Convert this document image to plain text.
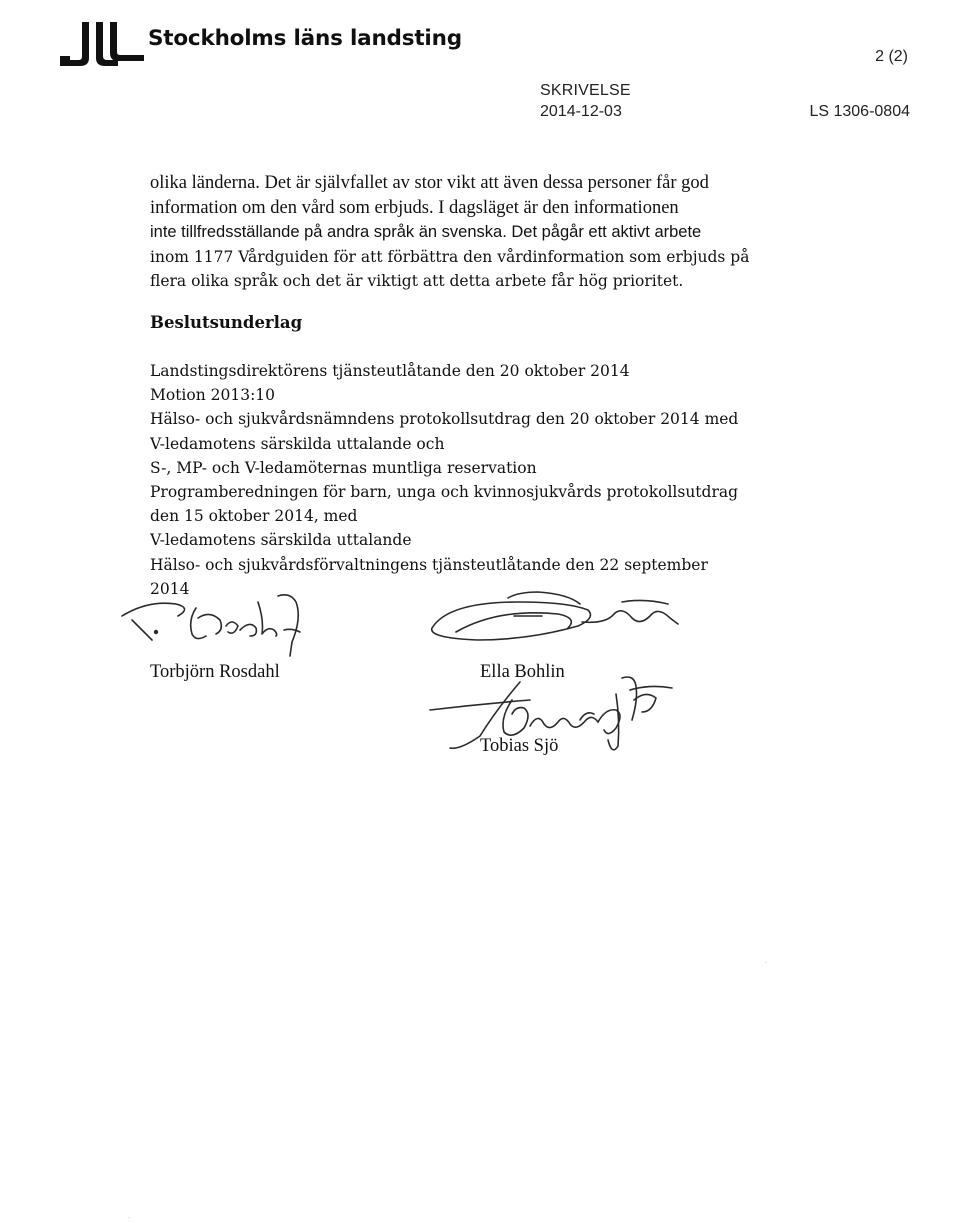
Stockholms läns landsting
2 (2)
SKRIVELSE
2014-12-03	LS 1306-0804

olika länderna. Det är självfallet av stor vikt att även dessa personer får god
information om den vård som erbjuds. I dagsläget är den informationen
inte tillfredsställande på andra språk än svenska. Det pågår ett aktivt arbete
inom 1177 Vårdguiden för att förbättra den vårdinformation som erbjuds på
flera olika språk och det är viktigt att detta arbete får hög prioritet.

Beslutsunderlag
Landstingsdirektörens tjänsteutlåtande den 20 oktober 2014
Motion 2013:10
Hälso- och sjukvårdsnämndens protokollsutdrag den 20 oktober 2014 med
V-ledamotens särskilda uttalande och
S-, MP- och V-ledamöternas muntliga reservation
Programberedningen för barn, unga och kvinnosjukvårds protokollsutdrag
den 15 oktober 2014, med
V-ledamotens särskilda uttalande
Hälso- och sjukvårdsförvaltningens tjänsteutlåtande den 22 september
2014

Torbjörn Rosdahl	Ella Bohlin

Tobias Sjö

·
·
